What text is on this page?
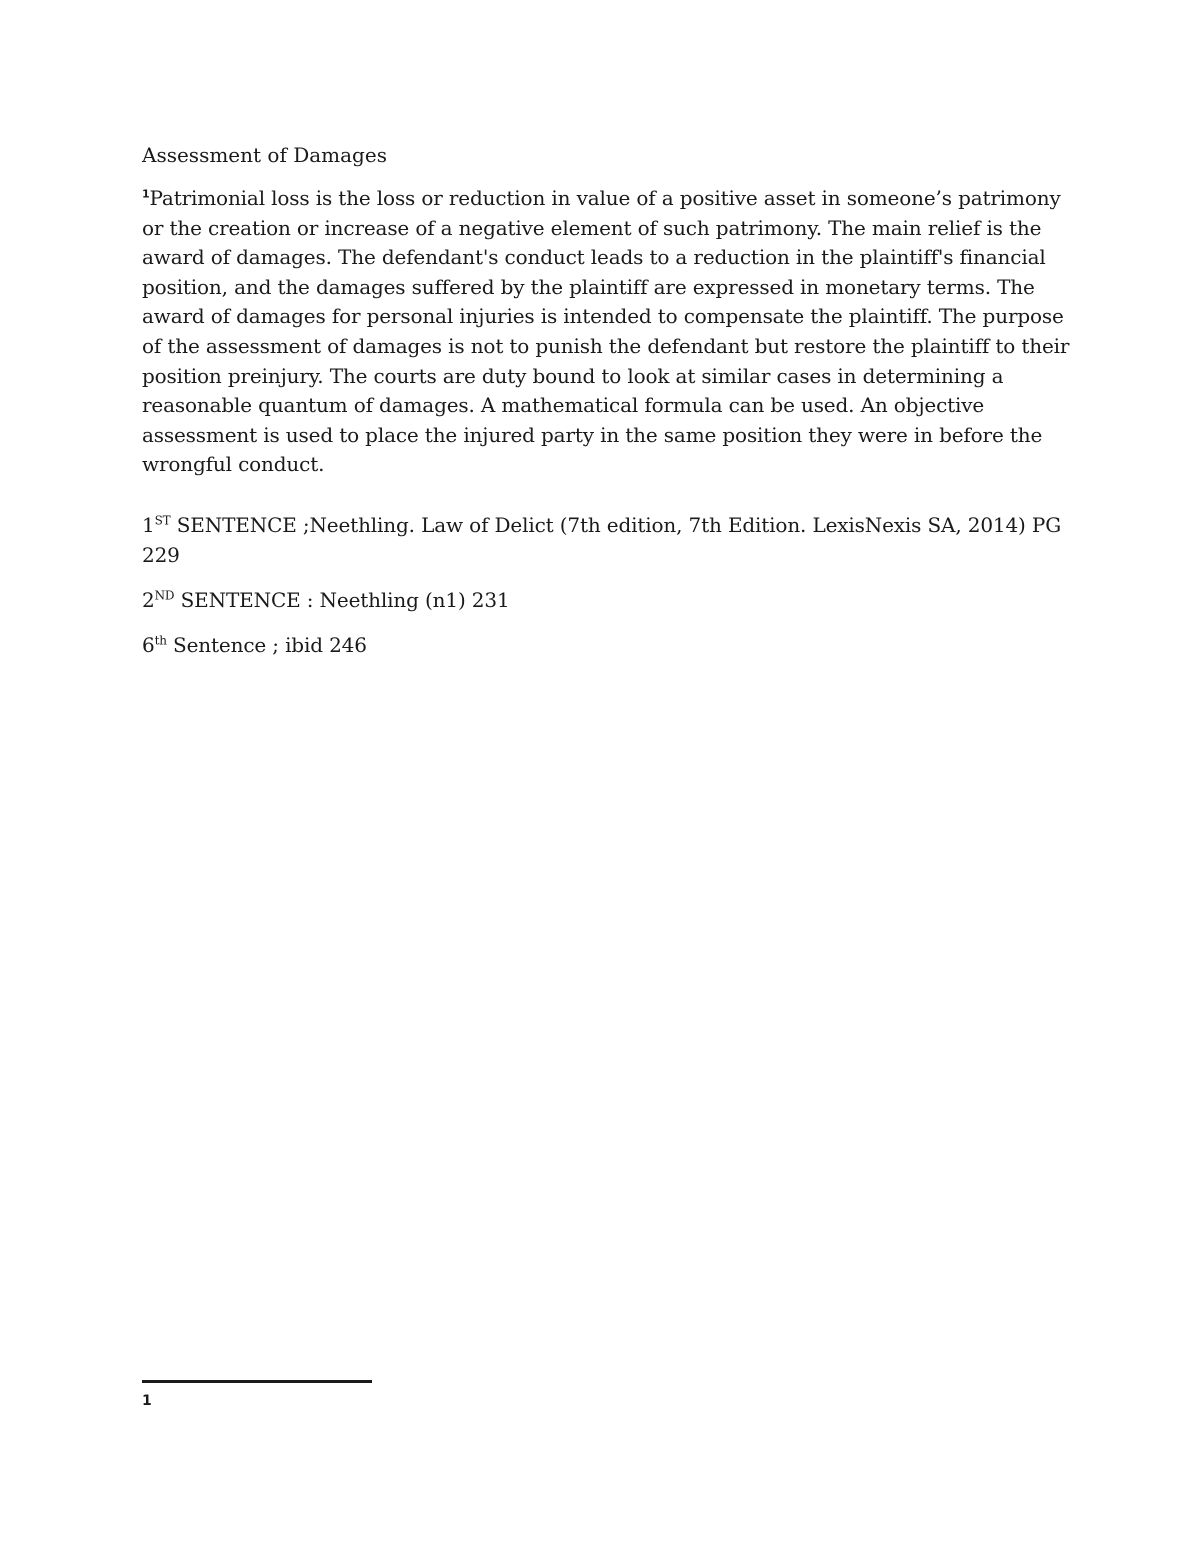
Assessment of Damages

$^1$Patrimonial loss is the loss or reduction in value of a positive asset in someone’s patrimony or the creation or increase of a negative element of such patrimony. The main relief is the award of damages. The defendant's conduct leads to a reduction in the plaintiff's financial position, and the damages suffered by the plaintiff are expressed in monetary terms. The award of damages for personal injuries is intended to compensate the plaintiff. The purpose of the assessment of damages is not to punish the defendant but restore the plaintiff to their position preinjury. The courts are duty bound to look at similar cases in determining a reasonable quantum of damages. A mathematical formula can be used. An objective assessment is used to place the injured party in the same position they were in before the wrongful conduct.

1ST SENTENCE ;Neethling. Law of Delict (7th edition, 7th Edition. LexisNexis SA, 2014) PG 229

2ND SENTENCE : Neethling (n1) 231

6th Sentence ; ibid 246

1
